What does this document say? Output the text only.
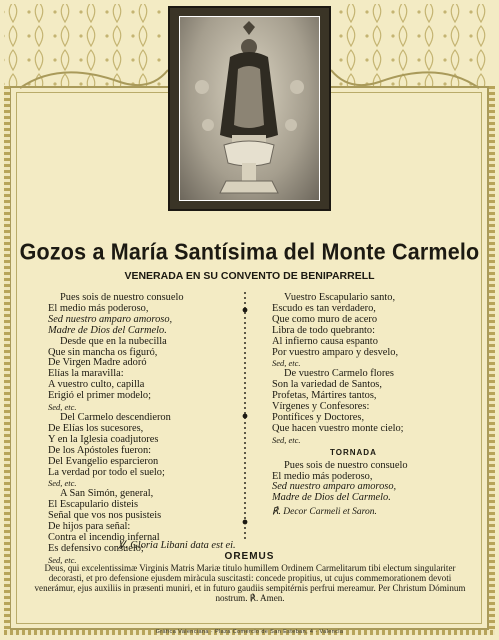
Gozos a María Santísima del Monte Carmelo
VENERADA EN SU CONVENTO DE BENIPARRELL
Pues sois de nuestro consuelo
El medio más poderoso,
Sed nuestro amparo amoroso,
Madre de Dios del Carmelo.
Desde que en la nubecilla
Que sin mancha os figuró,
De Virgen Madre adoró
Elías la maravilla:
A vuestro culto, capilla
Erigió el primer modelo;
Sed, etc.
Del Carmelo descendieron
De Elías los sucesores,
Y en la Iglesia coadjutores
De los Apóstoles fueron:
Del Evangelio esparcieron
La verdad por todo el suelo;
Sed, etc.
A San Simón, general,
El Escapulario disteis
Señal que vos nos pusisteis
De hijos para señal:
Contra el incendio infernal
Es defensivo consuelo;
Sed, etc.
Vuestro Escapulario santo,
Escudo es tan verdadero,
Que como muro de acero
Libra de todo quebranto:
Al infierno causa espanto
Por vuestro amparo y desvelo,
Sed, etc.
De vuestro Carmelo flores
Son la variedad de Santos,
Profetas, Mártires tantos,
Vírgenes y Confesores:
Pontífices y Doctores,
Que hacen vuestro monte cielo;
Sed, etc.
TORNADA
Pues sois de nuestro consuelo
El medio más poderoso,
Sed nuestro amparo amoroso,
Madre de Dios del Carmelo.
℟. Decor Carmeli et Saron.
℣. Gloria Libani data est ei.
OREMUS
Deus, qui excelentissimæ Virginis Matris Mariæ titulo humillem Ordinem Carmelitarum tibi electum singulariter decorasti, et pro defensione ejusdem miràcula suscitasti: concede propitius, ut cujus commemorationem devoti venerámur, ejus auxiliis in præsenti muniri, et in futuro gaudiis sempitérnis perfrui mereamur. Per Christum Dóminum nostrum. ℟. Amen.
Gràfica Valenciana · Plaza Comercio de San Esteban, 4 · Valencia
